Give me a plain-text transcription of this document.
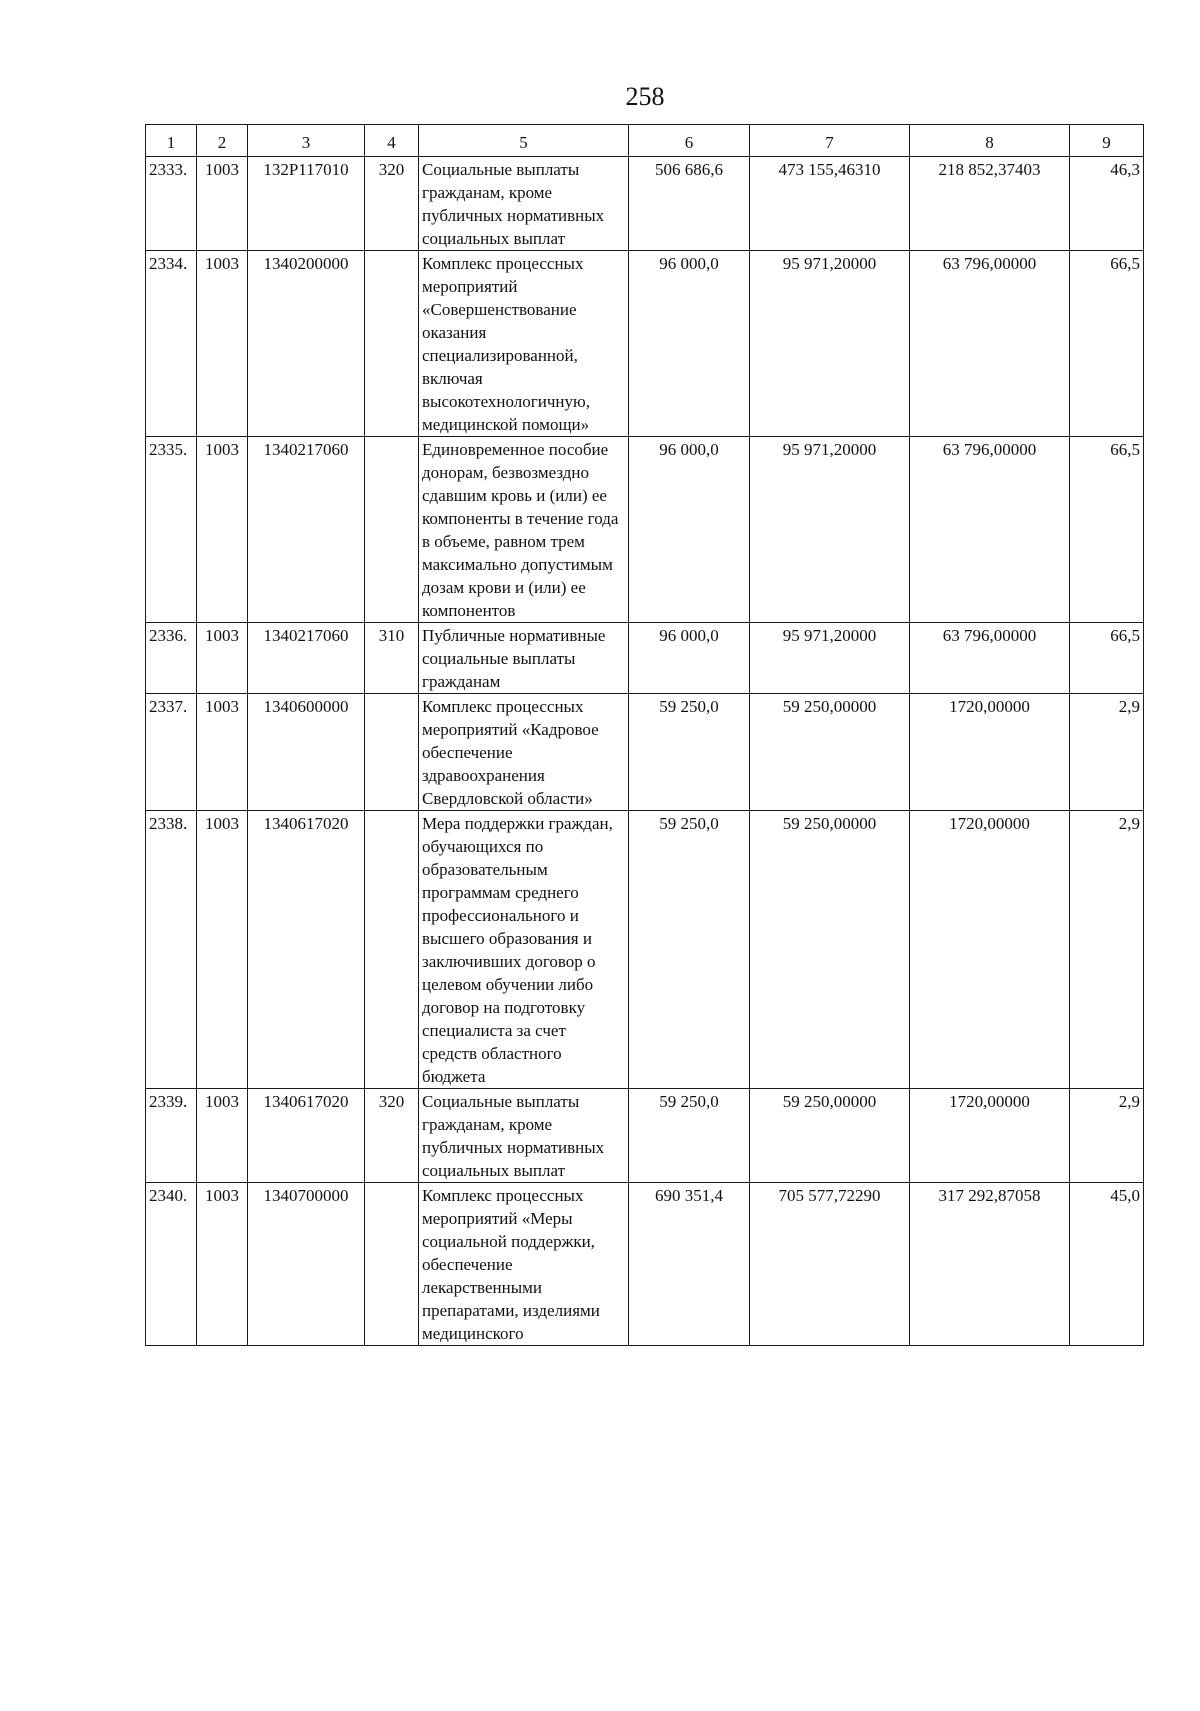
258
1	2	3	4	5	6	7	8	9
2333.	1003	132P117010	320	Социальные выплаты гражданам, кроме публичных нормативных социальных выплат	506 686,6	473 155,46310	218 852,37403	46,3
2334.	1003	1340200000		Комплекс процессных мероприятий «Совершенствование оказания специализированной, включая высокотехнологичную, медицинской помощи»	96 000,0	95 971,20000	63 796,00000	66,5
2335.	1003	1340217060		Единовременное пособие донорам, безвозмездно сдавшим кровь и (или) ее компоненты в течение года в объеме, равном трем максимально допустимым дозам крови и (или) ее компонентов	96 000,0	95 971,20000	63 796,00000	66,5
2336.	1003	1340217060	310	Публичные нормативные социальные выплаты гражданам	96 000,0	95 971,20000	63 796,00000	66,5
2337.	1003	1340600000		Комплекс процессных мероприятий «Кадровое обеспечение здравоохранения Свердловской области»	59 250,0	59 250,00000	1720,00000	2,9
2338.	1003	1340617020		Мера поддержки граждан, обучающихся по образовательным программам среднего профессионального и высшего образования и заключивших договор о целевом обучении либо договор на подготовку специалиста за счет средств областного бюджета	59 250,0	59 250,00000	1720,00000	2,9
2339.	1003	1340617020	320	Социальные выплаты гражданам, кроме публичных нормативных социальных выплат	59 250,0	59 250,00000	1720,00000	2,9
2340.	1003	1340700000		Комплекс процессных мероприятий «Меры социальной поддержки, обеспечение лекарственными препаратами, изделиями медицинского	690 351,4	705 577,72290	317 292,87058	45,0
